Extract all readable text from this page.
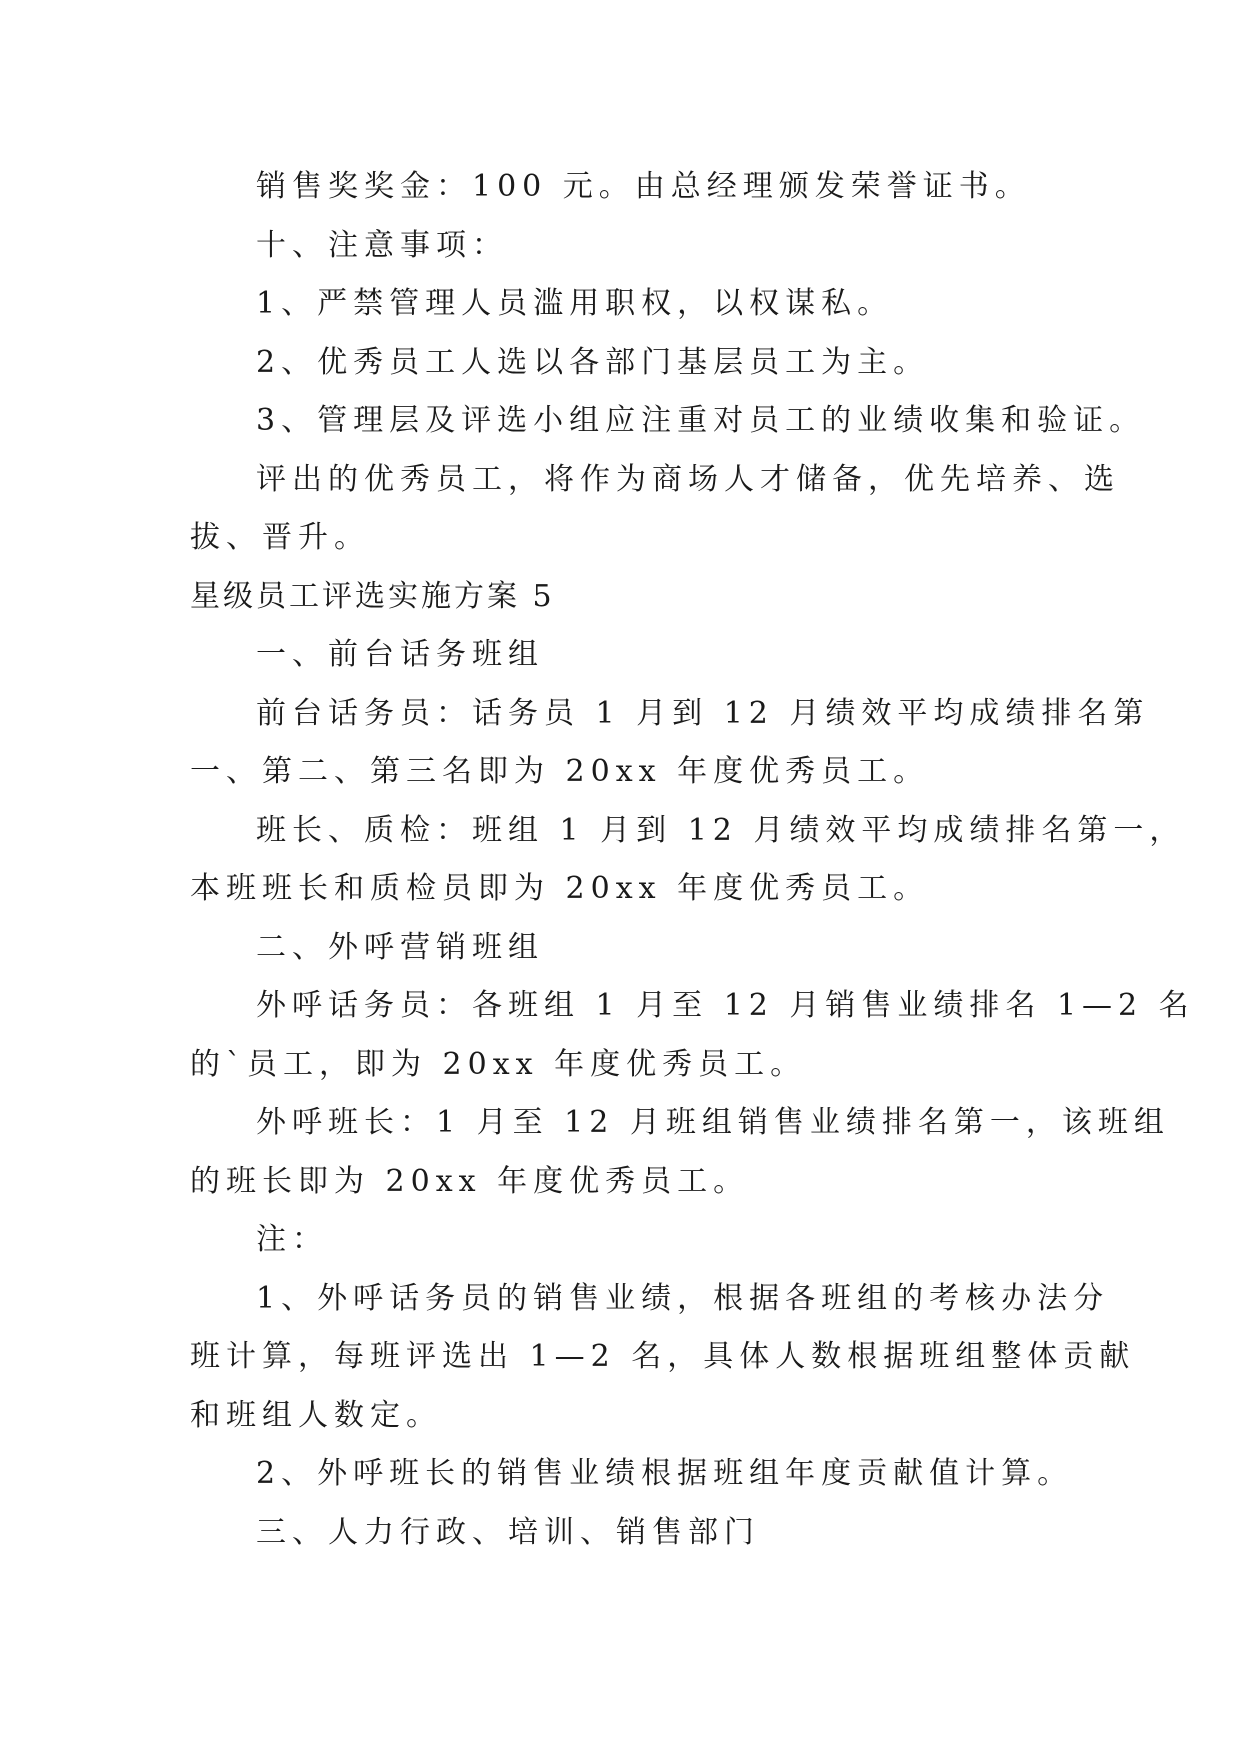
销售奖奖金：100 元。由总经理颁发荣誉证书。

十、注意事项：

1、严禁管理人员滥用职权，以权谋私。

2、优秀员工人选以各部门基层员工为主。

3、管理层及评选小组应注重对员工的业绩收集和验证。

评出的优秀员工，将作为商场人才储备，优先培养、选

拔、晋升。

星级员工评选实施方案 5

一、前台话务班组

前台话务员：话务员 1 月到 12 月绩效平均成绩排名第

一、第二、第三名即为 20xx 年度优秀员工。

班长、质检：班组 1 月到 12 月绩效平均成绩排名第一，

本班班长和质检员即为 20xx 年度优秀员工。

二、外呼营销班组

外呼话务员：各班组 1 月至 12 月销售业绩排名 1—2 名

的`员工，即为 20xx 年度优秀员工。

外呼班长：1 月至 12 月班组销售业绩排名第一，该班组

的班长即为 20xx 年度优秀员工。

注：

1、外呼话务员的销售业绩，根据各班组的考核办法分

班计算，每班评选出 1—2 名，具体人数根据班组整体贡献

和班组人数定。

2、外呼班长的销售业绩根据班组年度贡献值计算。

三、人力行政、培训、销售部门
